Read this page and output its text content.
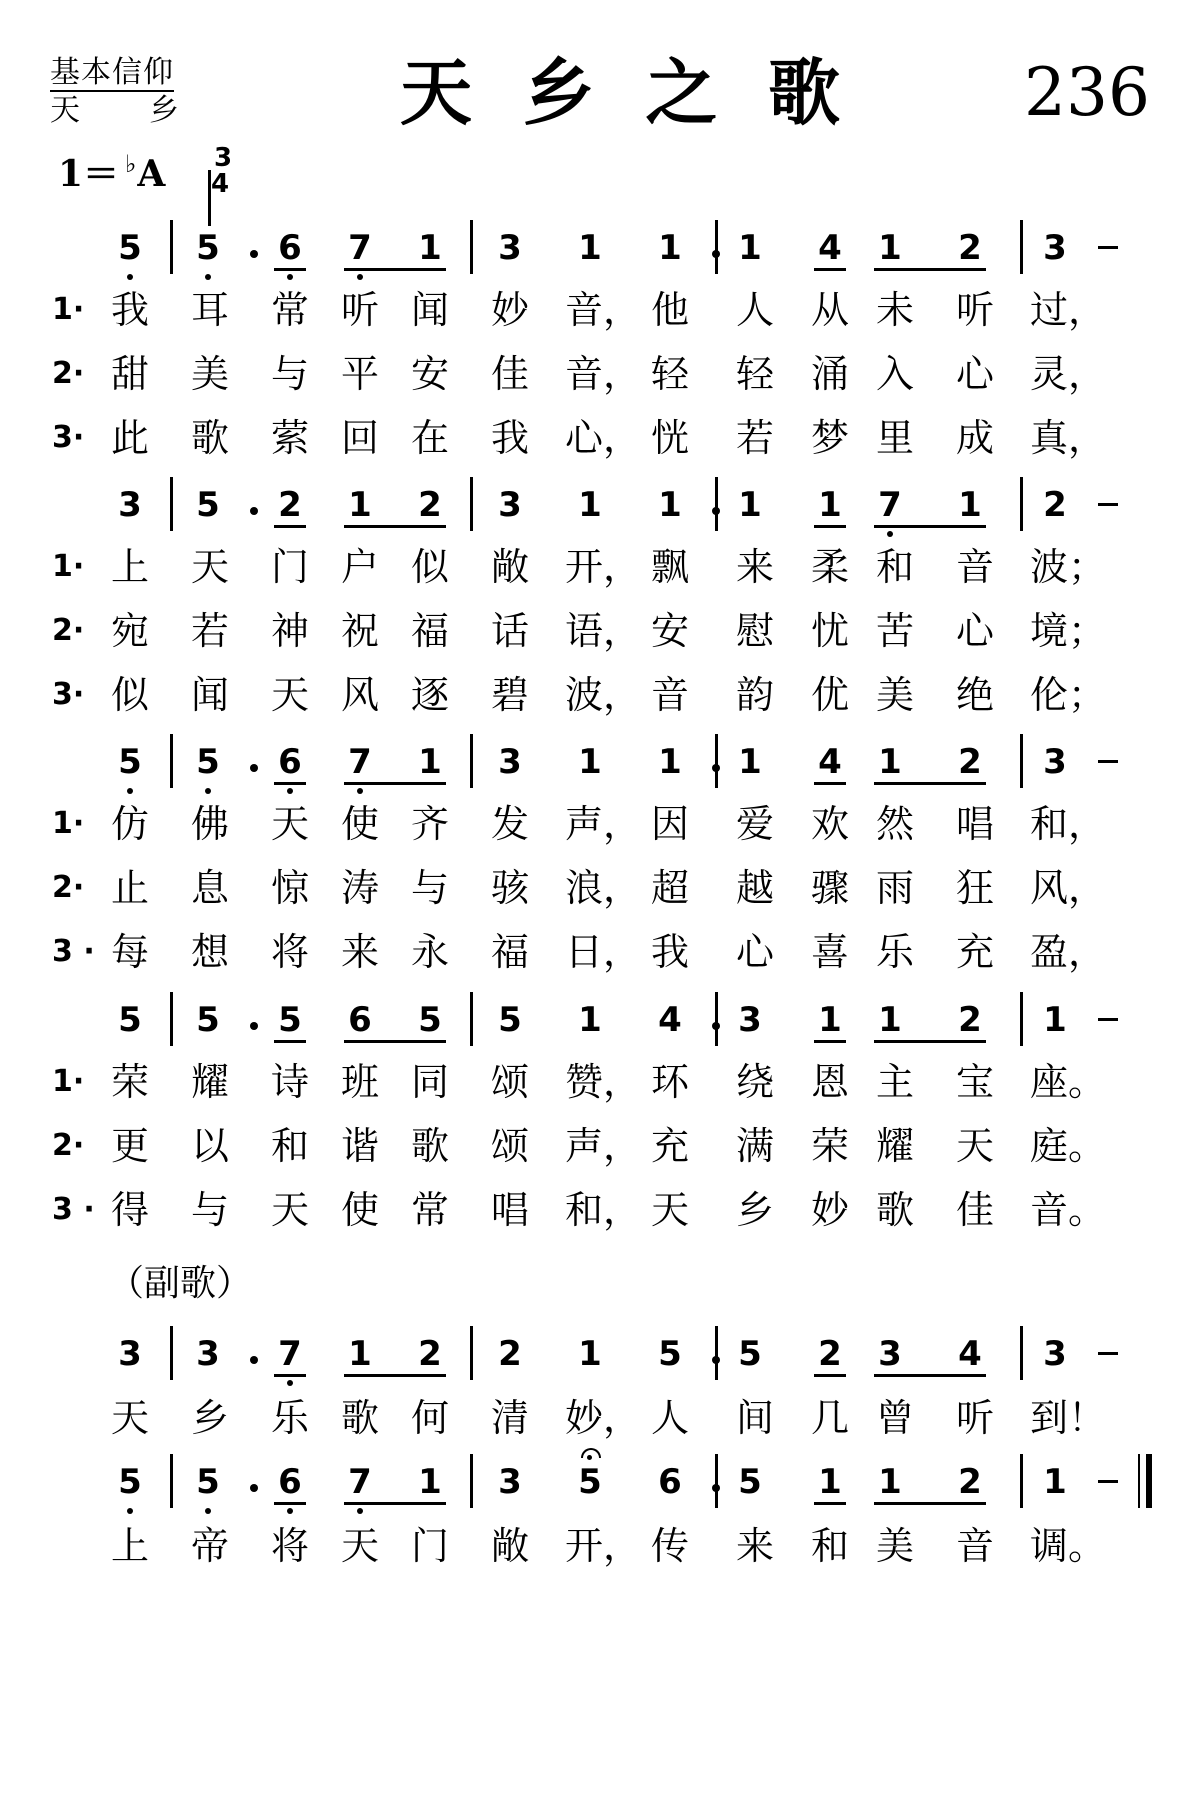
基本信仰
天 乡	天 乡 之 歌	236
1＝ ♭A 3
4
5 5 6 7 1 3 1 1 1 4 1 2 3
1· 我 耳 常 听 闻 妙 音， 他 人 从 未 听 过，
2· 甜 美 与 平 安 佳 音， 轻 轻 涌 入 心 灵，
3· 此 歌 萦 回 在 我 心， 恍 若 梦 里 成 真，
3 5 2 1 2 3 1 1 1 1 7 1 2
1· 上 天 门 户 似 敞 开， 飘 来 柔 和 音 波；
2· 宛 若 神 祝 福 话 语， 安 慰 忧 苦 心 境；
3· 似 闻 天 风 逐 碧 波， 音 韵 优 美 绝 伦；
5 5 6 7 1 3 1 1 1 4 1 2 3
1· 仿 佛 天 使 齐 发 声， 因 爱 欢 然 唱 和，
2· 止 息 惊 涛 与 骇 浪， 超 越 骤 雨 狂 风，
3 · 每 想 将 来 永 福 日， 我 心 喜 乐 充 盈，
5 5 5 6 5 5 1 4 3 1 1 2 1
1· 荣 耀 诗 班 同 颂 赞， 环 绕 恩 主 宝 座。
2· 更 以 和 谐 歌 颂 声， 充 满 荣 耀 天 庭。
3 · 得 与 天 使 常 唱 和， 天 乡 妙 歌 佳 音。
3 3 7 1 2 2 1 5 5 2 3 4 3
天 乡 乐 歌 何 清 妙， 人 间 几 曾 听 到！
5 5 6 7 1 3 5 6 5 1 1 2 1
上 帝 将 天 门 敞 开， 传 来 和 美 音 调。
（副歌）
